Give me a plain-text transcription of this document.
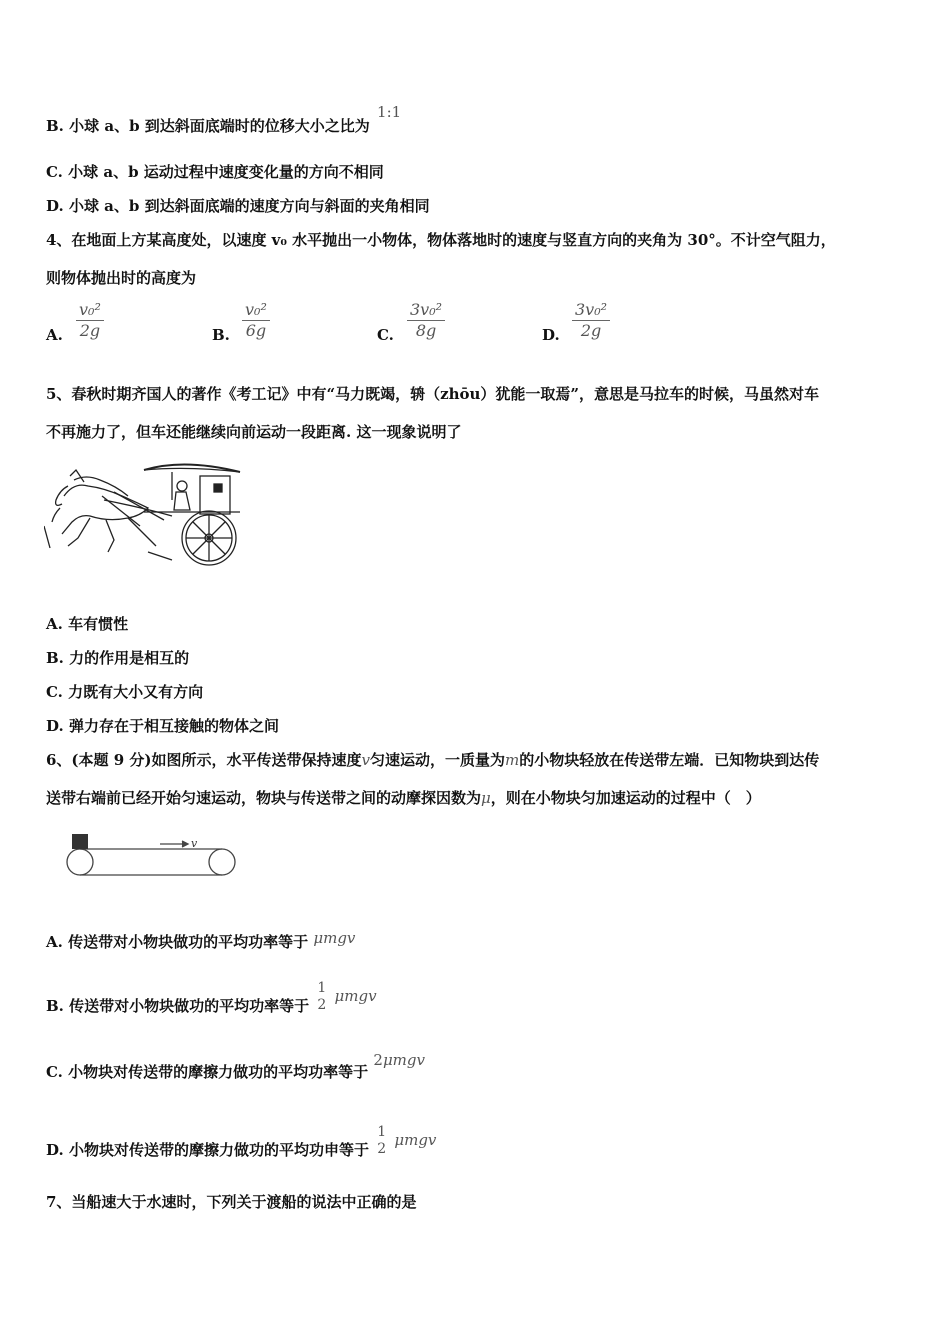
B. 小球 a、b 到达斜面底端时的位移大小之比为 1:1
C. 小球 a、b 运动过程中速度变化量的方向不相同
D. 小球 a、b 到达斜面底端的速度方向与斜面的夹角相同
4、在地面上方某高度处，以速度 v₀ 水平抛出一小物体，物体落地时的速度与竖直方向的夹角为 30°。不计空气阻力，
则物体抛出时的高度为
A. $\frac{\text{v₀²}}{2g}$	B. $\frac{\text{v₀²}}{6g}$	C. $\frac{\text{3v₀²}}{8g}$	D. $\frac{\text{3v₀²}}{2g}$
5、春秋时期齐国人的著作《考工记》中有“马力既竭，辀（zhōu）犹能一取焉”，意思是马拉车的时候，马虽然对车
不再施力了，但车还能继续向前运动一段距离. 这一现象说明了
A. 车有惯性
B. 力的作用是相互的
C. 力既有大小又有方向
D. 弹力存在于相互接触的物体之间
6、(本题 9 分)如图所示，水平传送带保持速度v匀速运动，一质量为m的小物块轻放在传送带左端．已知物块到达传
送带右端前已经开始匀速运动，物块与传送带之间的动摩探因数为μ，则在小物块匀加速运动的过程中（　）
v
A. 传送带对小物块做功的平均功率等于 μmgv
B. 传送带对小物块做功的平均功率等于
1
2 μmgv
C. 小物块对传送带的摩擦力做功的平均功率等于 2μmgv
D. 小物块对传送带的摩擦力做功的平均功申等于
1
2 μmgv
7、当船速大于水速时，下列关于渡船的说法中正确的是
